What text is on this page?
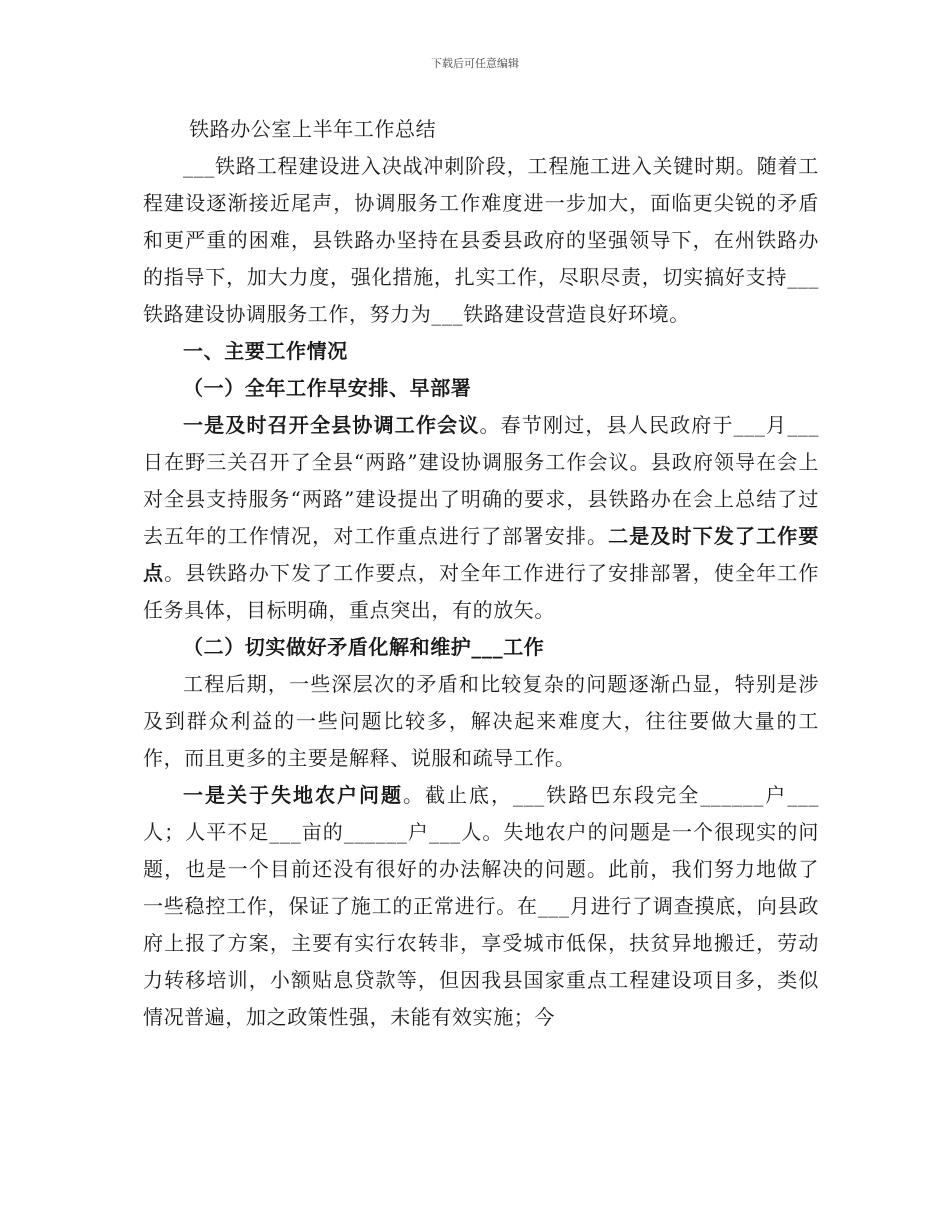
下载后可任意编辑

铁路办公室上半年工作总结

___铁路工程建设进入决战冲刺阶段，工程施工进入关键时期。随着工程建设逐渐接近尾声，协调服务工作难度进一步加大，面临更尖锐的矛盾和更严重的困难，县铁路办坚持在县委县政府的坚强领导下，在州铁路办的指导下，加大力度，强化措施，扎实工作，尽职尽责，切实搞好支持___铁路建设协调服务工作，努力为___铁路建设营造良好环境。

一、主要工作情况

（一）全年工作早安排、早部署

一是及时召开全县协调工作会议。春节刚过，县人民政府于___月___日在野三关召开了全县“两路”建设协调服务工作会议。县政府领导在会上对全县支持服务“两路”建设提出了明确的要求，县铁路办在会上总结了过去五年的工作情况，对工作重点进行了部署安排。二是及时下发了工作要点。县铁路办下发了工作要点，对全年工作进行了安排部署，使全年工作任务具体，目标明确，重点突出，有的放矢。

（二）切实做好矛盾化解和维护___工作

工程后期，一些深层次的矛盾和比较复杂的问题逐渐凸显，特别是涉及到群众利益的一些问题比较多，解决起来难度大，往往要做大量的工作，而且更多的主要是解释、说服和疏导工作。

一是关于失地农户问题。截止底，___铁路巴东段完全______户___人；人平不足___亩的______户___人。失地农户的问题是一个很现实的问题，也是一个目前还没有很好的办法解决的问题。此前，我们努力地做了一些稳控工作，保证了施工的正常进行。在___月进行了调查摸底，向县政府上报了方案，主要有实行农转非，享受城市低保，扶贫异地搬迁，劳动力转移培训，小额贴息贷款等，但因我县国家重点工程建设项目多，类似情况普遍，加之政策性强，未能有效实施；今
